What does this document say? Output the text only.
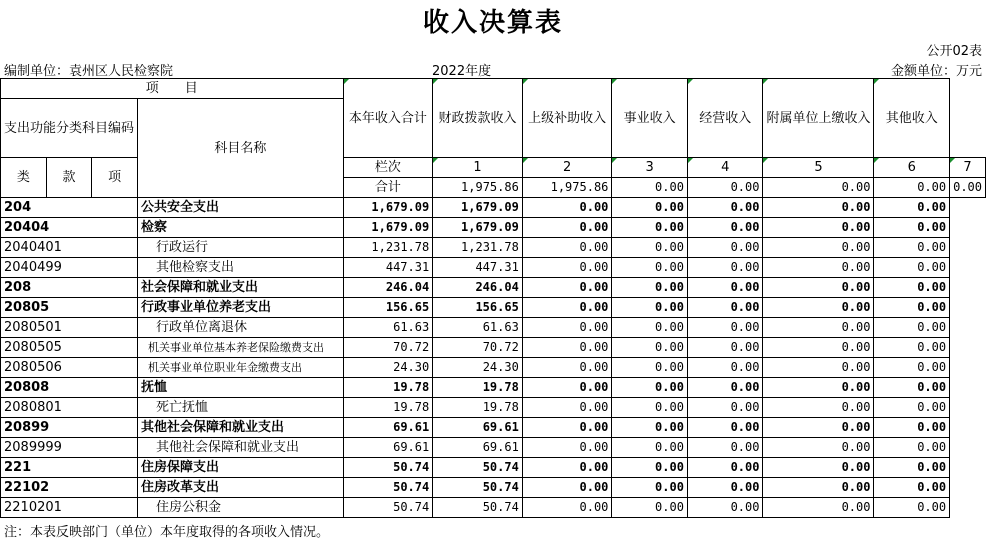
收入决算表
公开02表
编制单位：袁州区人民检察院	2022年度	金额单位：万元
项　　目				本年收入合计	财政拨款收入	上级补助收入	事业收入	经营收入	附属单位上缴收入	其他收入	
支出功能分类科目编码			科目名称								
类	款	项		栏次	1	2	3	4	5	6	7
				合计	1,975.86	1,975.86	0.00	0.00	0.00	0.00	0.00
204			公共安全支出	1,679.09	1,679.09	0.00	0.00	0.00	0.00	0.00	
20404			检察	1,679.09	1,679.09	0.00	0.00	0.00	0.00	0.00	
2040401			行政运行	1,231.78	1,231.78	0.00	0.00	0.00	0.00	0.00	
2040499			其他检察支出	447.31	447.31	0.00	0.00	0.00	0.00	0.00	
208			社会保障和就业支出	246.04	246.04	0.00	0.00	0.00	0.00	0.00	
20805			行政事业单位养老支出	156.65	156.65	0.00	0.00	0.00	0.00	0.00	
2080501			行政单位离退休	61.63	61.63	0.00	0.00	0.00	0.00	0.00	
2080505			机关事业单位基本养老保险缴费支出	70.72	70.72	0.00	0.00	0.00	0.00	0.00	
2080506			机关事业单位职业年金缴费支出	24.30	24.30	0.00	0.00	0.00	0.00	0.00	
20808			抚恤	19.78	19.78	0.00	0.00	0.00	0.00	0.00	
2080801			死亡抚恤	19.78	19.78	0.00	0.00	0.00	0.00	0.00	
20899			其他社会保障和就业支出	69.61	69.61	0.00	0.00	0.00	0.00	0.00	
2089999			其他社会保障和就业支出	69.61	69.61	0.00	0.00	0.00	0.00	0.00	
221			住房保障支出	50.74	50.74	0.00	0.00	0.00	0.00	0.00	
22102			住房改革支出	50.74	50.74	0.00	0.00	0.00	0.00	0.00	
2210201			住房公积金	50.74	50.74	0.00	0.00	0.00	0.00	0.00	
注：本表反映部门（单位）本年度取得的各项收入情况。
